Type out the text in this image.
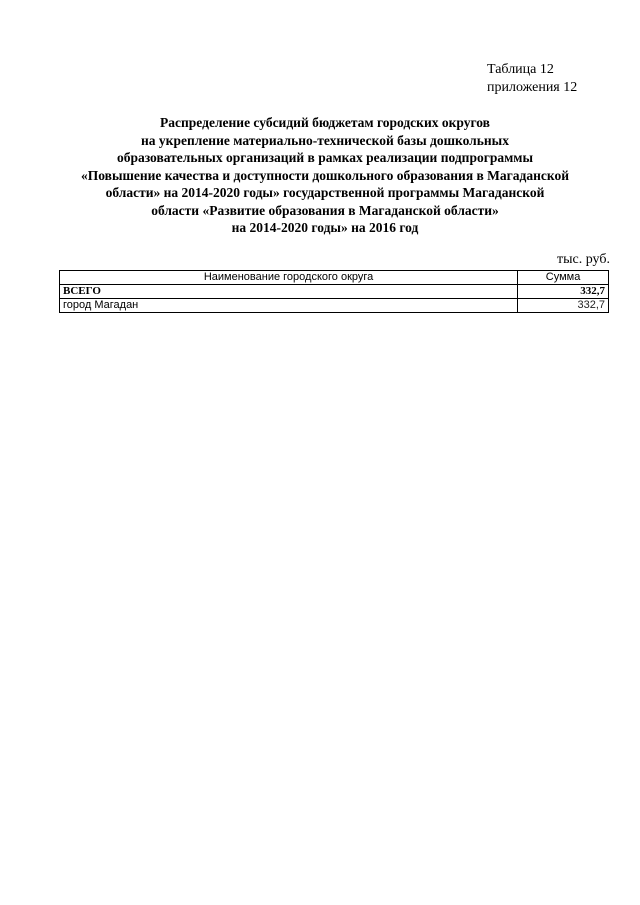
Таблица 12
приложения 12
Распределение субсидий бюджетам городских округов
на укрепление материально-технической базы дошкольных
образовательных организаций в рамках реализации подпрограммы
«Повышение качества и доступности дошкольного образования в Магаданской
области» на 2014-2020 годы» государственной программы Магаданской
области «Развитие образования в Магаданской области»
на 2014-2020 годы» на 2016 год
тыс. руб.
Наименование городского округа	Сумма
ВСЕГО	332,7
город Магадан	332,7
